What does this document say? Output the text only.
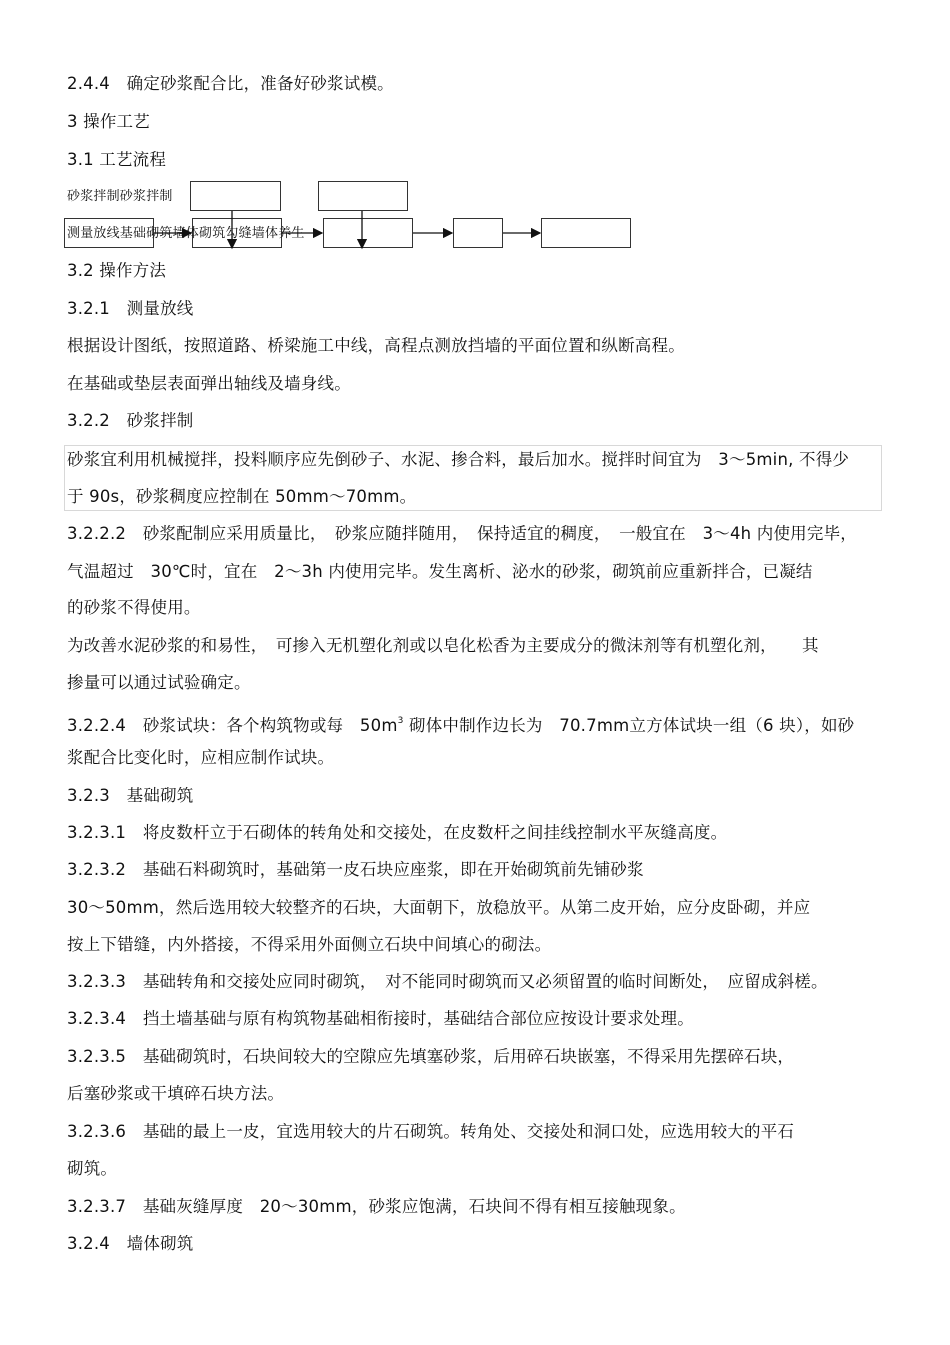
2.4.4　确定砂浆配合比，准备好砂浆试模。
3 操作工艺
3.1 工艺流程
砂浆拌制砂浆拌制
测量放线基础砌筑墙体砌筑勾缝墙体养生
3.2 操作方法
3.2.1　测量放线
根据设计图纸，按照道路、桥梁施工中线，高程点测放挡墙的平面位置和纵断高程。
在基础或垫层表面弹出轴线及墙身线。
3.2.2　砂浆拌制
砂浆宜利用机械搅拌，投料顺序应先倒砂子、水泥、掺合料，最后加水。搅拌时间宜为　3～5min, 不得少
于 90s，砂浆稠度应控制在 50mm～70mm。
3.2.2.2　砂浆配制应采用质量比，　砂浆应随拌随用，　保持适宜的稠度，　一般宜在　3～4h 内使用完毕，
气温超过　30℃时，宜在　2～3h 内使用完毕。发生离析、泌水的砂浆，砌筑前应重新拌合，已凝结
的砂浆不得使用。
为改善水泥砂浆的和易性，　可掺入无机塑化剂或以皂化松香为主要成分的微沫剂等有机塑化剂，　　其
掺量可以通过试验确定。
3.2.2.4　砂浆试块：各个构筑物或每　$50m^3$ 砌体中制作边长为　70.7mm立方体试块一组（6 块），如砂
浆配合比变化时，应相应制作试块。
3.2.3　基础砌筑
3.2.3.1　将皮数杆立于石砌体的转角处和交接处，在皮数杆之间挂线控制水平灰缝高度。
3.2.3.2　基础石料砌筑时，基础第一皮石块应座浆，即在开始砌筑前先铺砂浆
30～50mm，然后选用较大较整齐的石块，大面朝下，放稳放平。从第二皮开始，应分皮卧砌，并应
按上下错缝，内外搭接，不得采用外面侧立石块中间填心的砌法。
3.2.3.3　基础转角和交接处应同时砌筑，　对不能同时砌筑而又必须留置的临时间断处，　应留成斜槎。
3.2.3.4　挡土墙基础与原有构筑物基础相衔接时，基础结合部位应按设计要求处理。
3.2.3.5　基础砌筑时，石块间较大的空隙应先填塞砂浆，后用碎石块嵌塞，不得采用先摆碎石块，
后塞砂浆或干填碎石块方法。
3.2.3.6　基础的最上一皮，宜选用较大的片石砌筑。转角处、交接处和洞口处，应选用较大的平石
砌筑。
3.2.3.7　基础灰缝厚度　20～30mm，砂浆应饱满，石块间不得有相互接触现象。
3.2.4　墙体砌筑
